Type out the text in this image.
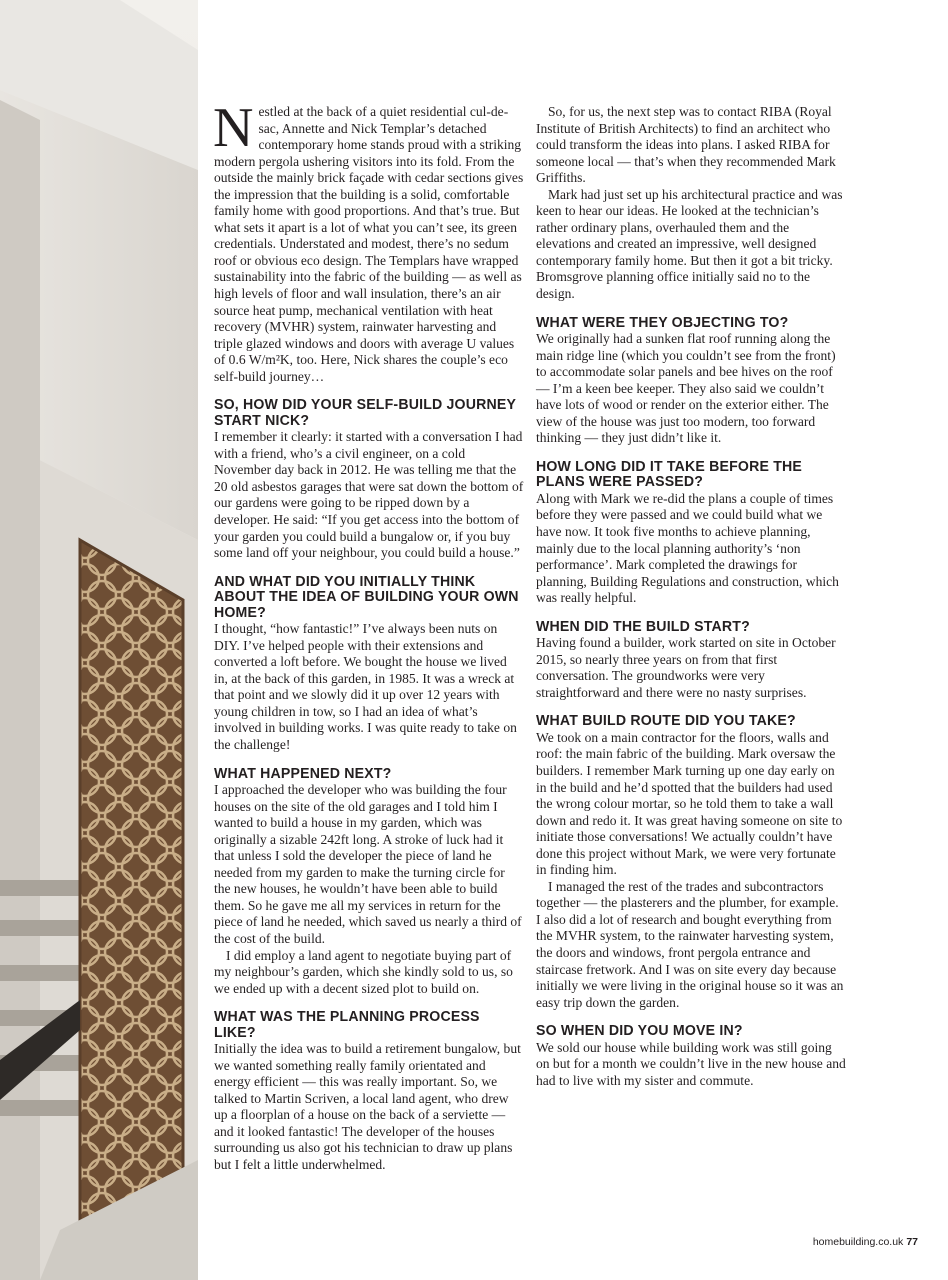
Nestled at the back of a quiet residential cul-de-sac, Annette and Nick Templar’s detached contemporary home stands proud with a striking modern pergola ushering visitors into its fold. From the outside the mainly brick façade with cedar sections gives the impression that the building is a solid, comfortable family home with good proportions. And that’s true. But what sets it apart is a lot of what you can’t see, its green credentials. Understated and modest, there’s no sedum roof or obvious eco design. The Templars have wrapped sustainability into the fabric of the building — as well as high levels of floor and wall insulation, there’s an air source heat pump, mechanical ventilation with heat recovery (MVHR) system, rainwater harvesting and triple glazed windows and doors with average U values of 0.6 W/m²K, too. Here, Nick shares the couple’s eco self-build journey…

SO, HOW DID YOUR SELF-BUILD JOURNEY START NICK?

I remember it clearly: it started with a conversation I had with a friend, who’s a civil engineer, on a cold November day back in 2012. He was telling me that the 20 old asbestos garages that were sat down the bottom of our gardens were going to be ripped down by a developer. He said: “If you get access into the bottom of your garden you could build a bungalow or, if you buy some land off your neighbour, you could build a house.”

AND WHAT DID YOU INITIALLY THINK ABOUT THE IDEA OF BUILDING YOUR OWN HOME?

I thought, “how fantastic!” I’ve always been nuts on DIY. I’ve helped people with their extensions and converted a loft before. We bought the house we lived in, at the back of this garden, in 1985. It was a wreck at that point and we slowly did it up over 12 years with young children in tow, so I had an idea of what’s involved in building works. I was quite ready to take on the challenge!

WHAT HAPPENED NEXT?

I approached the developer who was building the four houses on the site of the old garages and I told him I wanted to build a house in my garden, which was originally a sizable 242ft long. A stroke of luck had it that unless I sold the developer the piece of land he needed from my garden to make the turning circle for the new houses, he wouldn’t have been able to build them. So he gave me all my services in return for the piece of land he needed, which saved us nearly a third of the cost of the build.

I did employ a land agent to negotiate buying part of my neighbour’s garden, which she kindly sold to us, so we ended up with a decent sized plot to build on.

WHAT WAS THE PLANNING PROCESS LIKE?

Initially the idea was to build a retirement bungalow, but we wanted something really family orientated and energy efficient — this was really important. So, we talked to Martin Scriven, a local land agent, who drew up a floorplan of a house on the back of a serviette — and it looked fantastic! The developer of the houses surrounding us also got his technician to draw up plans but I felt a little underwhelmed.

So, for us, the next step was to contact RIBA (Royal Institute of British Architects) to find an architect who could transform the ideas into plans. I asked RIBA for someone local — that’s when they recommended Mark Griffiths.

Mark had just set up his architectural practice and was keen to hear our ideas. He looked at the technician’s rather ordinary plans, overhauled them and the elevations and created an impressive, well designed contemporary family home. But then it got a bit tricky. Bromsgrove planning office initially said no to the design.

WHAT WERE THEY OBJECTING TO?

We originally had a sunken flat roof running along the main ridge line (which you couldn’t see from the front) to accommodate solar panels and bee hives on the roof — I’m a keen bee keeper. They also said we couldn’t have lots of wood or render on the exterior either. The view of the house was just too modern, too forward thinking — they just didn’t like it.

HOW LONG DID IT TAKE BEFORE THE PLANS WERE PASSED?

Along with Mark we re-did the plans a couple of times before they were passed and we could build what we have now. It took five months to achieve planning, mainly due to the local planning authority’s ‘non performance’. Mark completed the drawings for planning, Building Regulations and construction, which was really helpful.

WHEN DID THE BUILD START?

Having found a builder, work started on site in October 2015, so nearly three years on from that first conversation. The groundworks were very straightforward and there were no nasty surprises.

WHAT BUILD ROUTE DID YOU TAKE?

We took on a main contractor for the floors, walls and roof: the main fabric of the building. Mark oversaw the builders. I remember Mark turning up one day early on in the build and he’d spotted that the builders had used the wrong colour mortar, so he told them to take a wall down and redo it. It was great having someone on site to initiate those conversations! We actually couldn’t have done this project without Mark, we were very fortunate in finding him.

I managed the rest of the trades and subcontractors together — the plasterers and the plumber, for example. I also did a lot of research and bought everything from the MVHR system, to the rainwater harvesting system, the doors and windows, front pergola entrance and staircase fretwork. And I was on site every day because initially we were living in the original house so it was an easy trip down the garden.

SO WHEN DID YOU MOVE IN?

We sold our house while building work was still going on but for a month we couldn’t live in the new house and had to live with my sister and commute.

homebuilding.co.uk 77
